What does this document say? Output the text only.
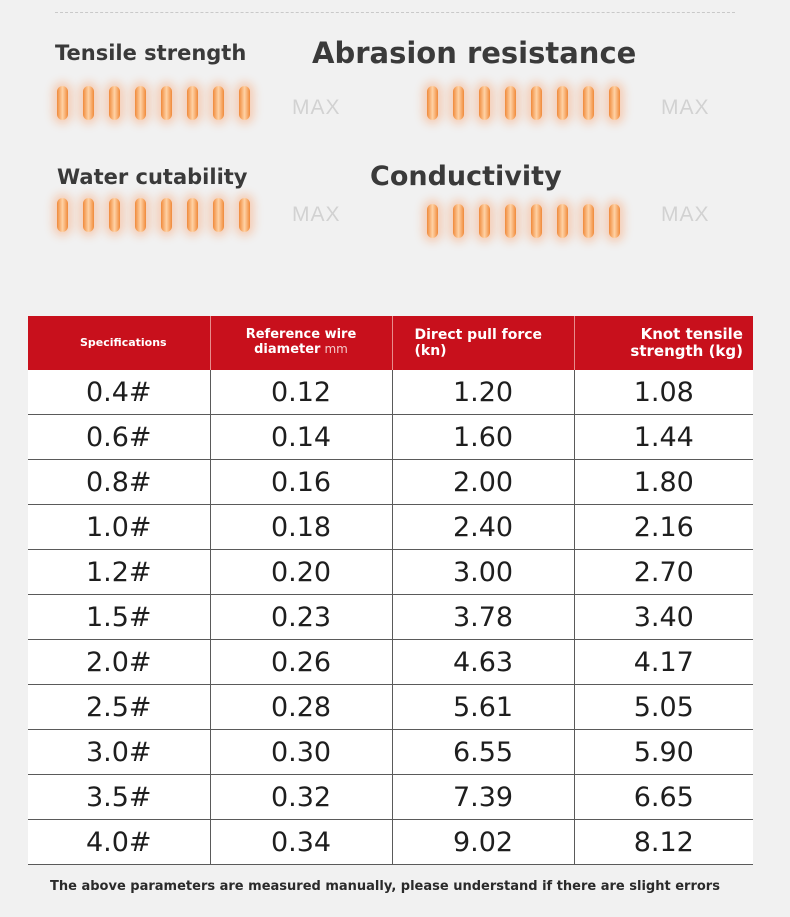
Tensile strength
MAX
Abrasion resistance
MAX
Water cutability
MAX
Conductivity
MAX
Specifications	Reference wire diameter mm	Direct pull force (kn)	Knot tensile strength (kg)
0.4#	0.12	1.20	1.08
0.6#	0.14	1.60	1.44
0.8#	0.16	2.00	1.80
1.0#	0.18	2.40	2.16
1.2#	0.20	3.00	2.70
1.5#	0.23	3.78	3.40
2.0#	0.26	4.63	4.17
2.5#	0.28	5.61	5.05
3.0#	0.30	6.55	5.90
3.5#	0.32	7.39	6.65
4.0#	0.34	9.02	8.12
The above parameters are measured manually, please understand if there are slight errors
